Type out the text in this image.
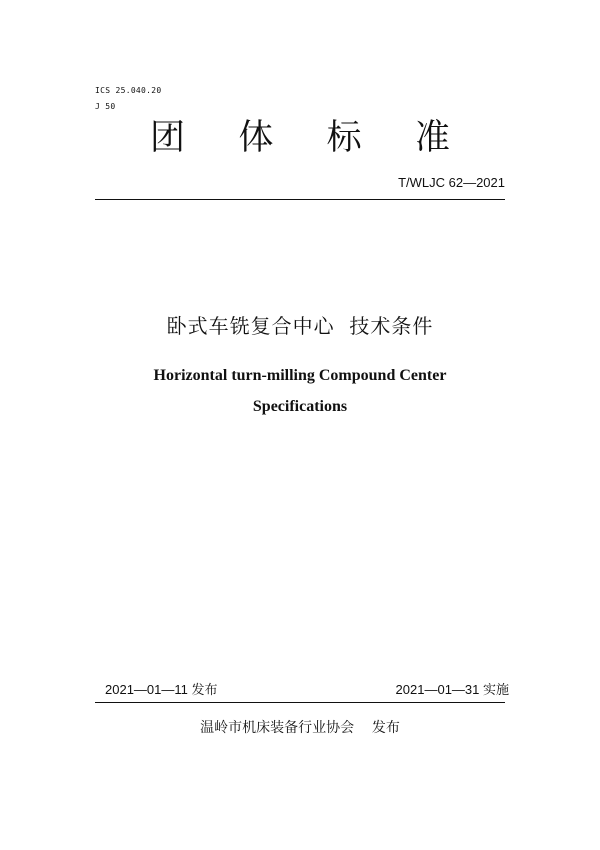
ICS 25.040.20
J 50
团 体 标 准
T/WLJC 62—2021
卧式车铣复合中心  技术条件
Horizontal turn-milling Compound Center
Specifications
2021—01—11 发布	2021—01—31 实施
温岭市机床装备行业协会    发布
